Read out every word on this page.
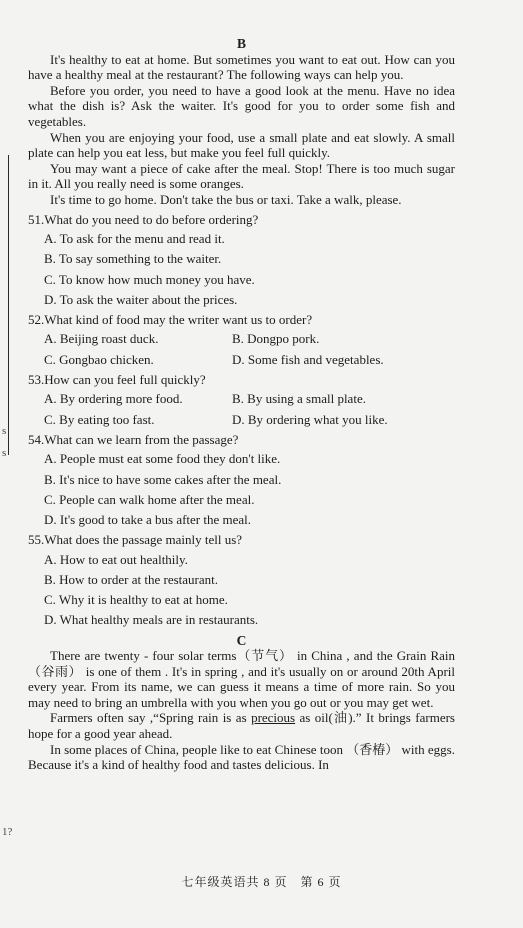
s
s
1?

B

It's healthy to eat at home. But sometimes you want to eat out. How can you have a healthy meal at the restaurant? The following ways can help you.

Before you order, you need to have a good look at the menu. Have no idea what the dish is? Ask the waiter. It's good for you to order some fish and vegetables.

When you are enjoying your food, use a small plate and eat slowly. A small plate can help you eat less, but make you feel full quickly.

You may want a piece of cake after the meal. Stop! There is too much sugar in it. All you really need is some oranges.

It's time to go home. Don't take the bus or taxi. Take a walk, please.

51.What do you need to do before ordering?

A. To ask for the menu and read it.

B. To say something to the waiter.

C. To know how much money you have.

D. To ask the waiter about the prices.

52.What kind of food may the writer want us to order?

A. Beijing roast duck.	B. Dongpo pork.

C. Gongbao chicken.	D. Some fish and vegetables.

53.How can you feel full quickly?

A. By ordering more food.	B. By using a small plate.

C. By eating too fast.	D. By ordering what you like.

54.What can we learn from the passage?

A. People must eat some food they don't like.

B. It's nice to have some cakes after the meal.

C. People can walk home after the meal.

D. It's good to take a bus after the meal.

55.What does the passage mainly tell us?

A. How to eat out healthily.

B. How to order at the restaurant.

C. Why it is healthy to eat at home.

D. What healthy meals are in restaurants.

C

There are twenty - four solar terms（节气） in China , and the Grain Rain（谷雨） is one of them . It's in spring , and it's usually on or around 20th April every year. From its name, we can guess it means a time of more rain. So you may need to bring an umbrella with you when you go out or you may get wet.

Farmers often say ,“Spring rain is as precious as oil(油).” It brings farmers hope for a good year ahead.

In some places of China, people like to eat Chinese toon （香椿） with eggs. Because it's a kind of healthy food and tastes delicious. In

七年级英语共 8 页　第 6 页
